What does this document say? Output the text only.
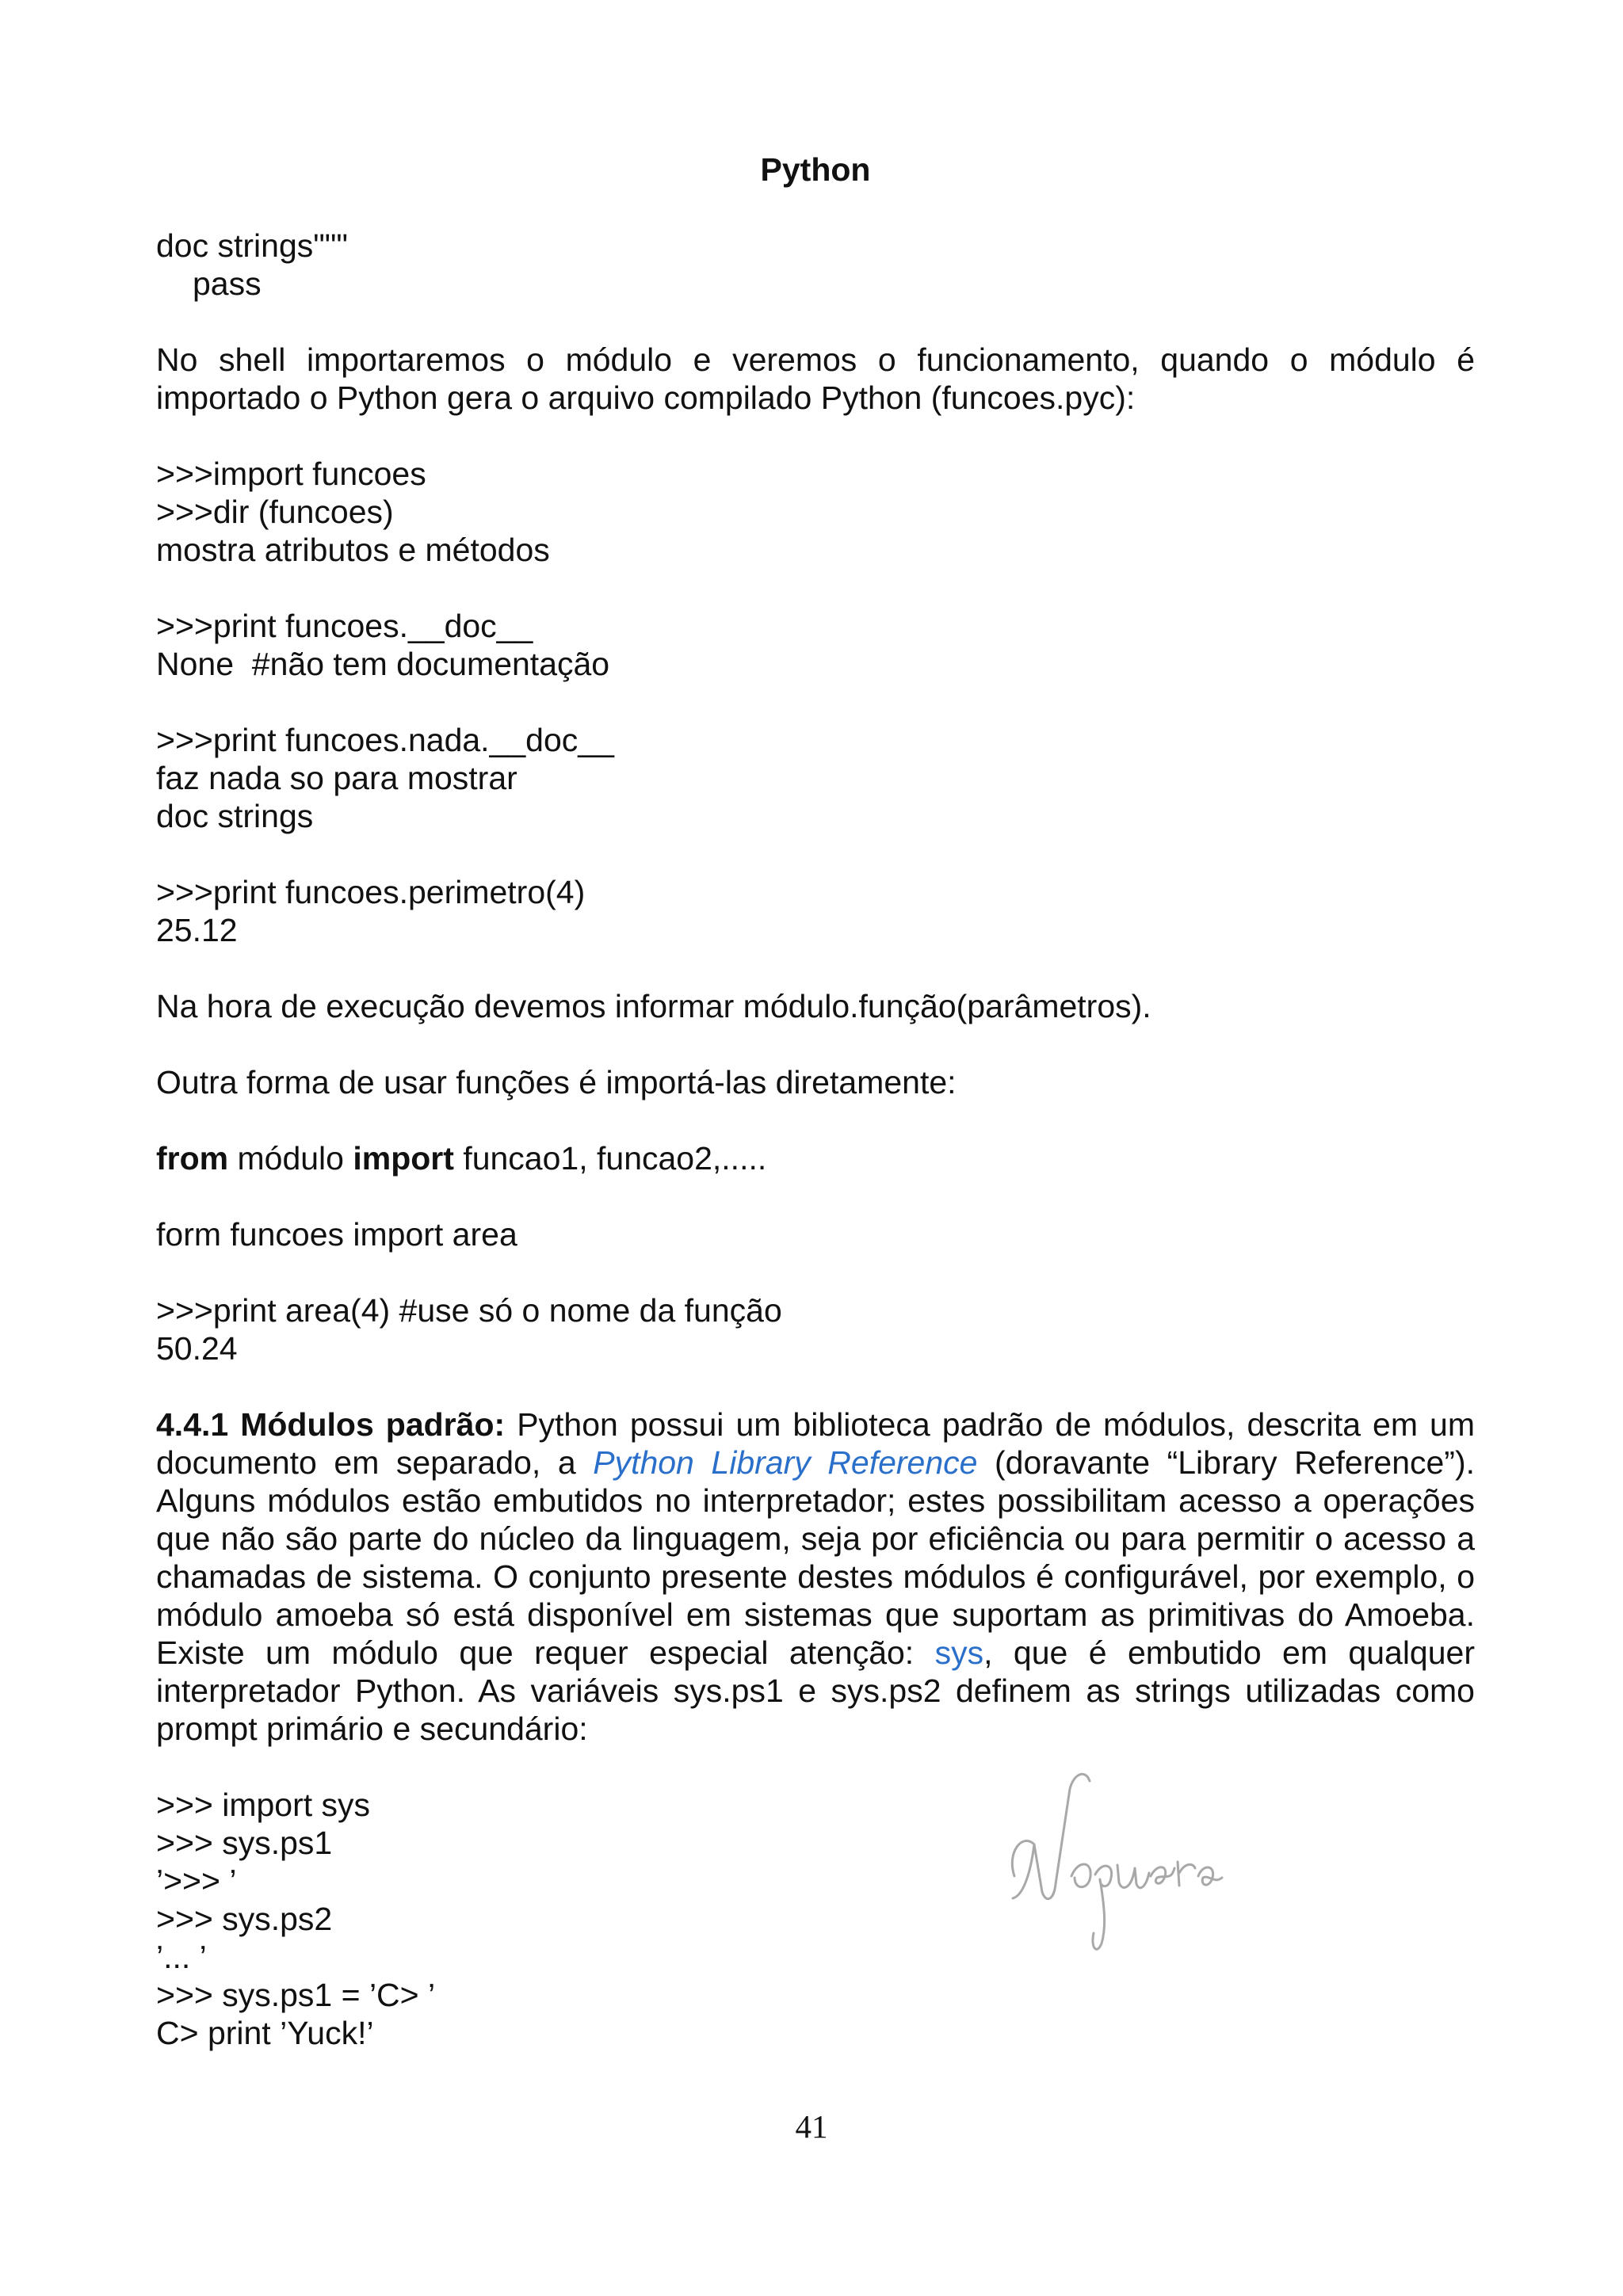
Python

doc strings"""
pass

No shell importaremos o módulo e veremos o funcionamento, quando o módulo é importado o Python gera o arquivo compilado Python (funcoes.pyc):

>>>import funcoes
>>>dir (funcoes)
mostra atributos e métodos

>>>print funcoes.__doc__
None  #não tem documentação

>>>print funcoes.nada.__doc__
faz nada so para mostrar
doc strings

>>>print funcoes.perimetro(4)
25.12

Na hora de execução devemos informar módulo.função(parâmetros).

Outra forma de usar funções é importá-las diretamente:

from módulo import funcao1, funcao2,.....

form funcoes import area

>>>print area(4) #use só o nome da função
50.24

4.4.1 Módulos padrão: Python possui um biblioteca padrão de módulos, descrita em um documento em separado, a Python Library Reference (doravante “Library Reference”). Alguns módulos estão embutidos no interpretador; estes possibilitam acesso a operações que não são parte do núcleo da linguagem, seja por eficiência ou para permitir o acesso a chamadas de sistema. O conjunto presente destes módulos é configurável, por exemplo, o módulo amoeba só está disponível em sistemas que suportam as primitivas do Amoeba. Existe um módulo que requer especial atenção: sys, que é embutido em qualquer interpretador Python. As variáveis sys.ps1 e sys.ps2 definem as strings utilizadas como prompt primário e secundário:

>>> import sys
>>> sys.ps1
’>>> ’
>>> sys.ps2
’... ’
>>> sys.ps1 = ’C> ’
C> print ’Yuck!’

41
